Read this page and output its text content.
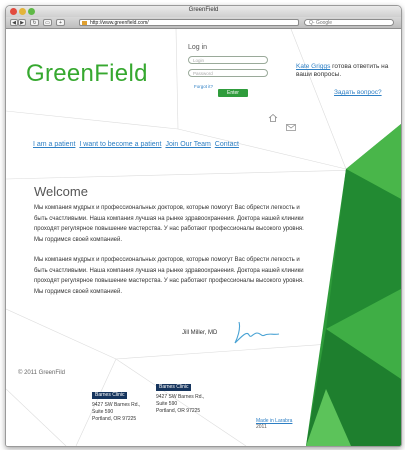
GreenField
◀ ▶	↻	▭	+	http://www.greenfield.com/	Q- Google
GreenField
Log in
Login
Password
Forgot it?
Enter
Kate Griggs готова ответить на ваши вопросы.
Задать вопрос?
I am a patient I want to become a patient Join Our Team Contact
Welcome
Мы компания мудрых и профессиональных докторов, которые помогут Вас обрести легкость и быть счастливыми. Наша компания лучшая на рынке здравоохранения. Доктора нашей клиники проходят регулярное повышение мастерства. У нас работают профессионалы высокого уровня. Мы гордимся своей компанией.
Мы компания мудрых и профессиональных докторов, которые помогут Вас обрести легкость и быть счастливыми. Наша компания лучшая на рынке здравоохранения. Доктора нашей клиники проходят регулярное повышение мастерства. У нас работают профессионалы высокого уровня. Мы гордимся своей компанией.
Jill Miller, MD
© 2011 GreenFild
Barnes Clinic
9427 SW Barnes Rd.,
Suite 590
Portland, OR 97225
Barnes Clinic
9427 SW Barnes Rd.,
Suite 590
Portland, OR 97225
Made in Larabra
2011
